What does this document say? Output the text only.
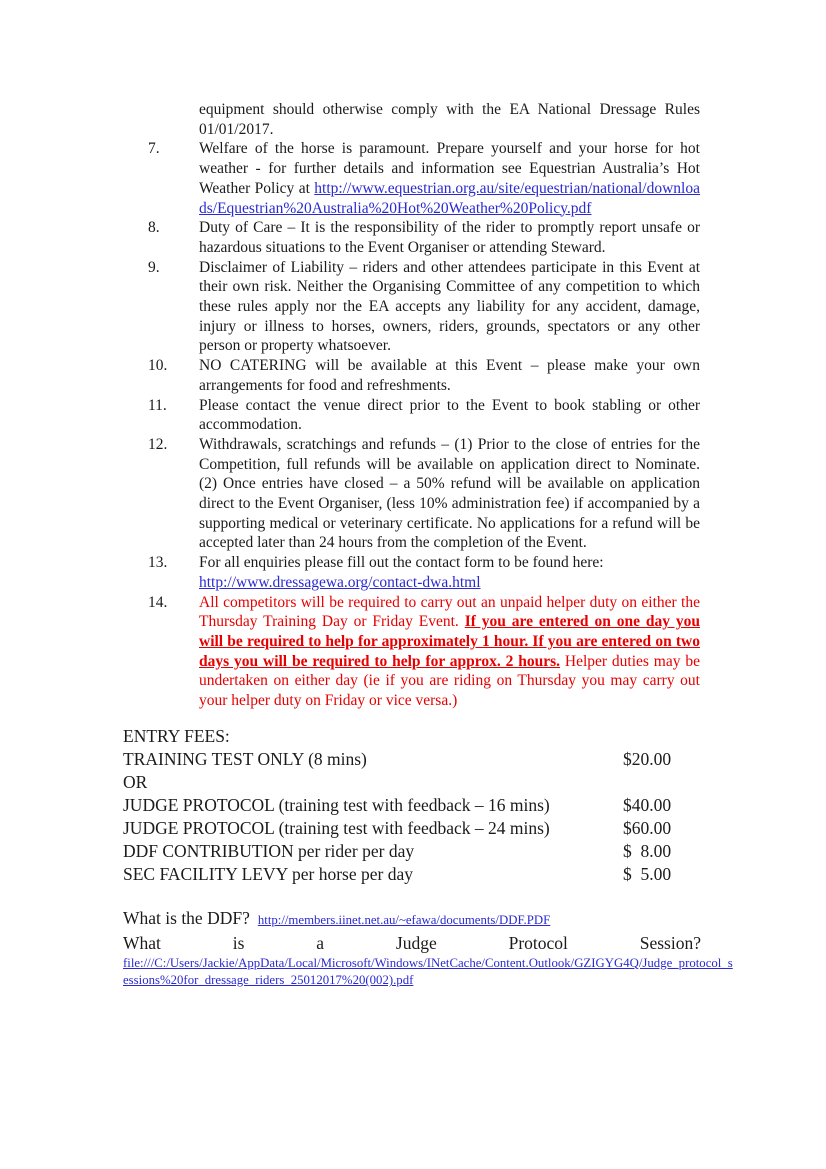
equipment should otherwise comply with the EA National Dressage Rules 01/01/2017.
7.	Welfare of the horse is paramount. Prepare yourself and your horse for hot weather - for further details and information see Equestrian Australia’s Hot Weather Policy at http://www.equestrian.org.au/site/equestrian/national/downloads/Equestrian%20Australia%20Hot%20Weather%20Policy.pdf
8.	Duty of Care – It is the responsibility of the rider to promptly report unsafe or hazardous situations to the Event Organiser or attending Steward.
9.	Disclaimer of Liability – riders and other attendees participate in this Event at their own risk. Neither the Organising Committee of any competition to which these rules apply nor the EA accepts any liability for any accident, damage, injury or illness to horses, owners, riders, grounds, spectators or any other person or property whatsoever.
10.	NO CATERING will be available at this Event – please make your own arrangements for food and refreshments.
11.	Please contact the venue direct prior to the Event to book stabling or other accommodation.
12.	Withdrawals, scratchings and refunds – (1) Prior to the close of entries for the Competition, full refunds will be available on application direct to Nominate. (2) Once entries have closed – a 50% refund will be available on application direct to the Event Organiser, (less 10% administration fee) if accompanied by a supporting medical or veterinary certificate. No applications for a refund will be accepted later than 24 hours from the completion of the Event.
13.	For all enquiries please fill out the contact form to be found here:
http://www.dressagewa.org/contact-dwa.html
14.	All competitors will be required to carry out an unpaid helper duty on either the Thursday Training Day or Friday Event. If you are entered on one day you will be required to help for approximately 1 hour. If you are entered on two days you will be required to help for approx. 2 hours. Helper duties may be undertaken on either day (ie if you are riding on Thursday you may carry out your helper duty on Friday or vice versa.)
ENTRY FEES:
TRAINING TEST ONLY (8 mins)	$20.00
OR
JUDGE PROTOCOL (training test with feedback – 16 mins)	$40.00
JUDGE PROTOCOL (training test with feedback – 24 mins)	$60.00
DDF CONTRIBUTION per rider per day	$  8.00
SEC FACILITY LEVY per horse per day	$  5.00
What is the DDF? http://members.iinet.net.au/~efawa/documents/DDF.PDF
What is a Judge Protocol Session?
file:///C:/Users/Jackie/AppData/Local/Microsoft/Windows/INetCache/Content.Outlook/GZIGYG4Q/Judge_protocol_sessions%20for_dressage_riders_25012017%20(002).pdf
